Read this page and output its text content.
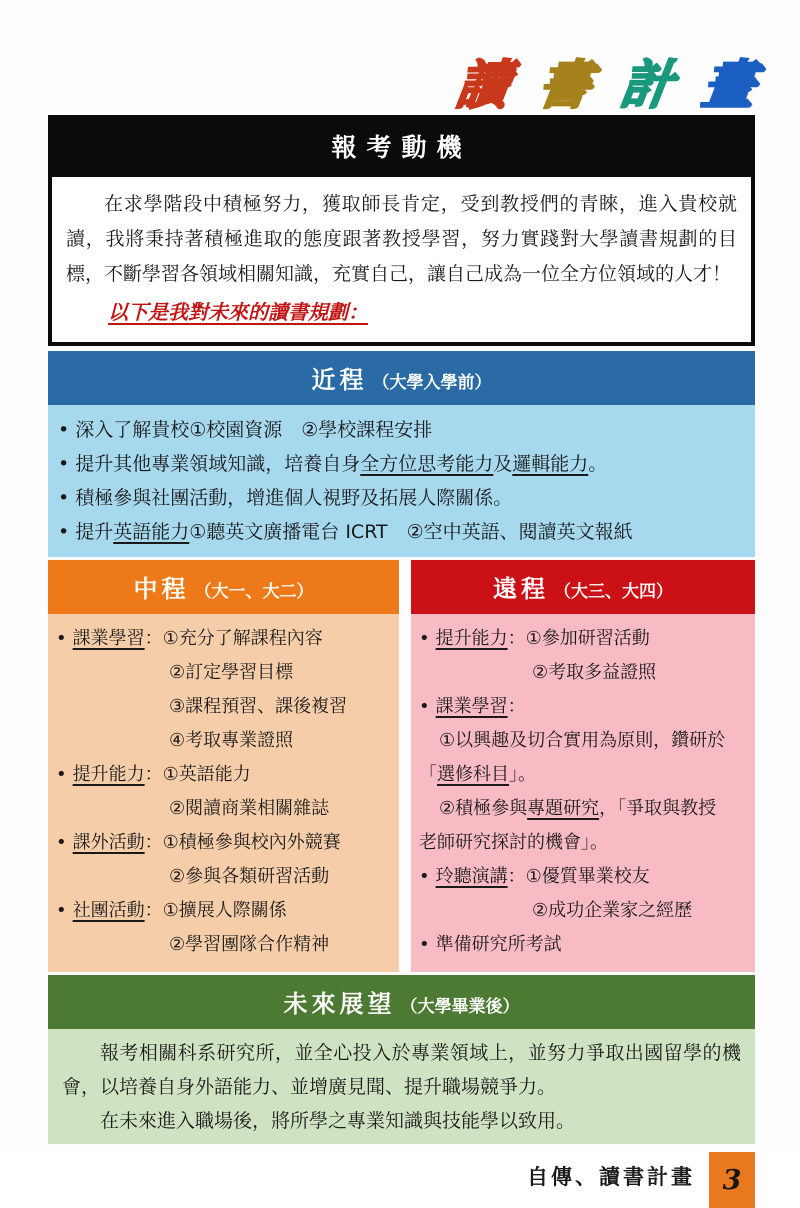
讀 書 計 畫
報考動機

在求學階段中積極努力，獲取師長肯定，受到教授們的青睞，進入貴校就讀，我將秉持著積極進取的態度跟著教授學習，努力實踐對大學讀書規劃的目標，不斷學習各領域相關知識，充實自己，讓自己成為一位全方位領域的人才！

以下是我對未來的讀書規劃：
近程 （大學入學前）
• 深入了解貴校①校園資源　②學校課程安排
• 提升其他專業領域知識，培養自身全方位思考能力及邏輯能力。
• 積極參與社團活動，增進個人視野及拓展人際關係。
• 提升英語能力①聽英文廣播電台 ICRT　②空中英語、閱讀英文報紙
中程 （大一、大二）
• 課業學習：①充分了解課程內容
②訂定學習目標
③課程預習、課後複習
④考取專業證照
• 提升能力：①英語能力
②閱讀商業相關雜誌
• 課外活動：①積極參與校內外競賽
②參與各類研習活動
• 社團活動：①擴展人際關係
②學習團隊合作精神
遠程 （大三、大四）
• 提升能力：①參加研習活動
②考取多益證照
• 課業學習：
①以興趣及切合實用為原則，鑽研於
「選修科目」。
②積極參與專題研究，「爭取與教授
老師研究探討的機會」。
• 玲聽演講：①優質畢業校友
②成功企業家之經歷
• 準備研究所考試
未來展望 （大學畢業後）

報考相關科系研究所，並全心投入於專業領域上，並努力爭取出國留學的機會，以培養自身外語能力、並增廣見聞、提升職場競爭力。

在未來進入職場後，將所學之專業知識與技能學以致用。

自傳、讀書計畫	3
